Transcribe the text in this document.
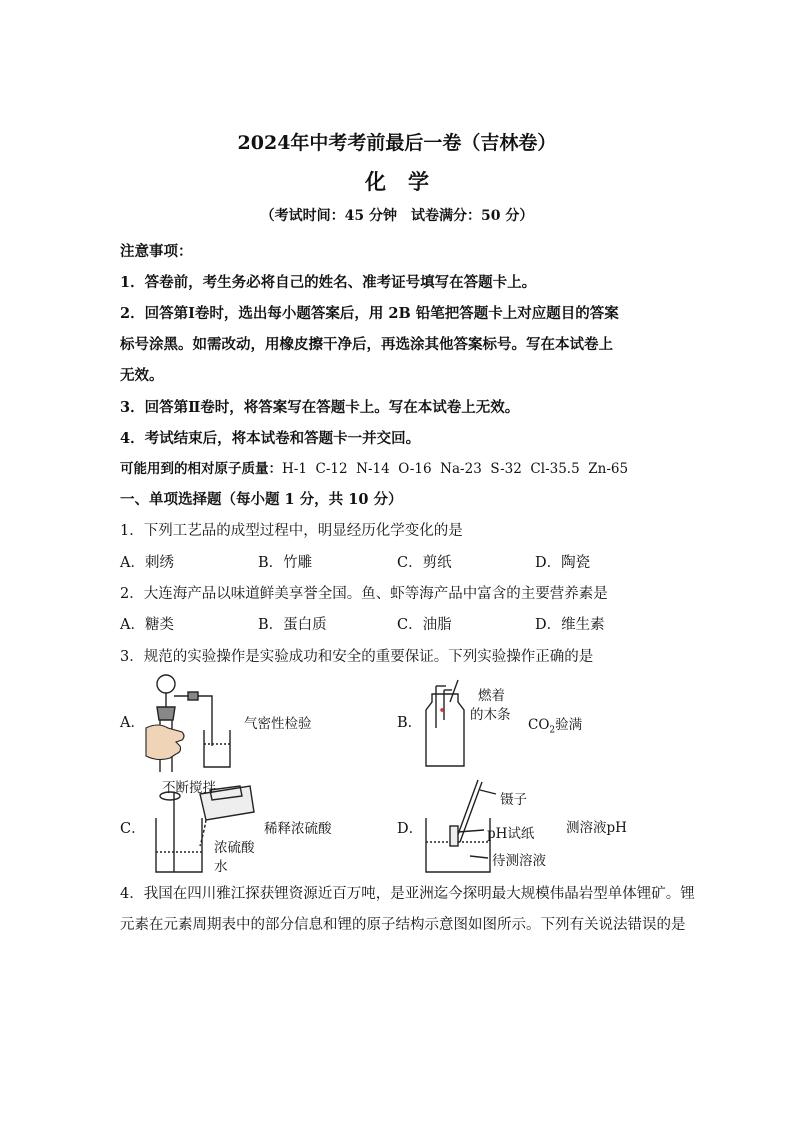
2024年中考考前最后一卷（吉林卷）
化学
（考试时间：45 分钟　试卷满分：50 分）
注意事项：
1．答卷前，考生务必将自己的姓名、准考证号填写在答题卡上。
2．回答第Ⅰ卷时，选出每小题答案后，用 2B 铅笔把答题卡上对应题目的答案
标号涂黑。如需改动，用橡皮擦干净后，再选涂其他答案标号。写在本试卷上
无效。
3．回答第Ⅱ卷时，将答案写在答题卡上。写在本试卷上无效。
4．考试结束后，将本试卷和答题卡一并交回。
可能用到的相对原子质量：H-1  C-12  N-14  O-16  Na-23  S-32  Cl-35.5  Zn-65
一、单项选择题（每小题 1 分，共 10 分）
1．下列工艺品的成型过程中，明显经历化学变化的是
A．刺绣	B．竹雕	C．剪纸	D．陶瓷
2．大连海产品以味道鲜美享誉全国。鱼、虾等海产品中富含的主要营养素是
A．糖类	B．蛋白质	C．油脂	D．维生素
3．规范的实验操作是实验成功和安全的重要保证。下列实验操作正确的是
A．	气密性检验	B．
燃着
的木条
$CO_2$验满
C．
不断搅拌
稀释浓硫酸
浓硫酸
水
D．
镊子
pH试纸
待测溶液
测溶液pH
4．我国在四川雅江探获锂资源近百万吨，是亚洲迄今探明最大规模伟晶岩型单体锂矿。锂
元素在元素周期表中的部分信息和锂的原子结构示意图如图所示。下列有关说法错误的是
